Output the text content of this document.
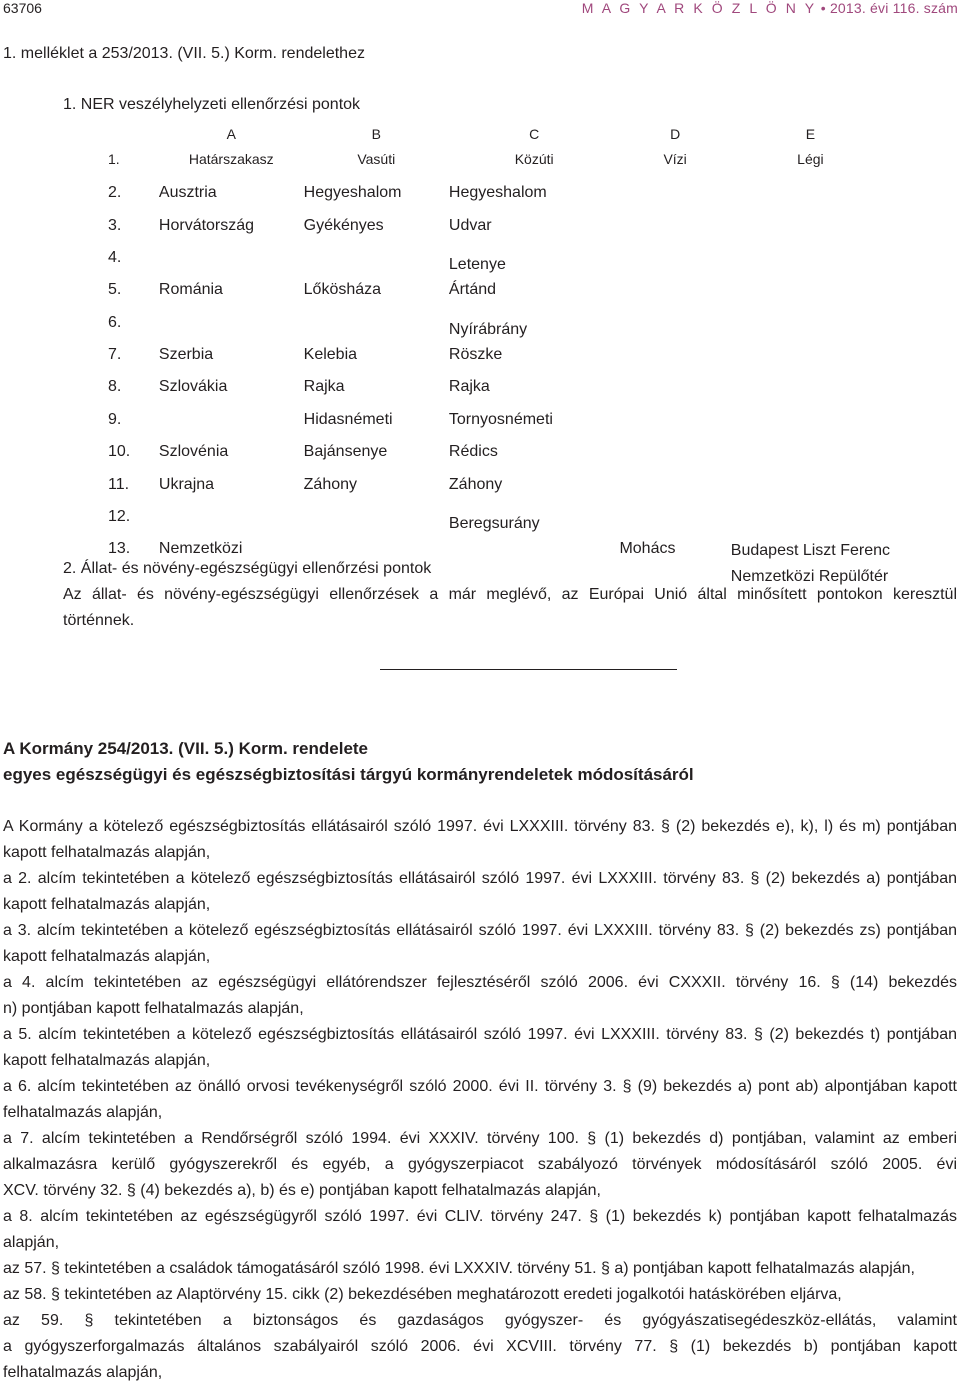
63706	M A G Y A R K Ö Z L Ö N Y • 2013. évi 116. szám
1. melléklet a 253/2013. (VII. 5.) Korm. rendelethez
1. NER veszélyhelyzeti ellenőrzési pontok
	A	B	C	D	E
1.	Határszakasz	Vasúti	Közúti	Vízi	Légi
2.	Ausztria	Hegyeshalom	Hegyeshalom		
3.	Horvátország	Gyékényes	Udvar		
4.			Letenye		
5.	Románia	Lőkösháza	Ártánd		
6.			Nyírábrány		
7.	Szerbia	Kelebia	Röszke		
8.	Szlovákia	Rajka	Rajka		
9.		Hidasnémeti	Tornyosnémeti		
10.	Szlovénia	Bajánsenye	Rédics		
11.	Ukrajna	Záhony	Záhony		
12.			Beregsurány		
13.	Nemzetközi			Mohács	Budapest Liszt Ferenc
Nemzetközi Repülőtér
2. Állat- és növény-egészségügyi ellenőrzési pontok
Az állat- és növény-egészségügyi ellenőrzések a már meglévő, az Európai Unió által minősített pontokon keresztül
történnek.
A Kormány 254/2013. (VII. 5.) Korm. rendelete
egyes egészségügyi és egészségbiztosítási tárgyú kormányrendeletek módosításáról
A Kormány a kötelező egészségbiztosítás ellátásairól szóló 1997. évi LXXXIII. törvény 83. § (2) bekezdés e), k), l) és m) pontjában
kapott felhatalmazás alapján,
a 2. alcím tekintetében a kötelező egészségbiztosítás ellátásairól szóló 1997. évi LXXXIII. törvény 83. § (2) bekezdés a) pontjában
kapott felhatalmazás alapján,
a 3. alcím tekintetében a kötelező egészségbiztosítás ellátásairól szóló 1997. évi LXXXIII. törvény 83. § (2) bekezdés zs) pontjában
kapott felhatalmazás alapján,
a 4. alcím tekintetében az egészségügyi ellátórendszer fejlesztéséről szóló 2006. évi CXXXII. törvény 16. § (14) bekezdés
n) pontjában kapott felhatalmazás alapján,
a 5. alcím tekintetében a kötelező egészségbiztosítás ellátásairól szóló 1997. évi LXXXIII. törvény 83. § (2) bekezdés t) pontjában
kapott felhatalmazás alapján,
a 6. alcím tekintetében az önálló orvosi tevékenységről szóló 2000. évi II. törvény 3. § (9) bekezdés a) pont ab) alpontjában kapott
felhatalmazás alapján,
a 7. alcím tekintetében a Rendőrségről szóló 1994. évi XXXIV. törvény 100. § (1) bekezdés d) pontjában, valamint az emberi
alkalmazásra kerülő gyógyszerekről és egyéb, a gyógyszerpiacot szabályozó törvények módosításáról szóló 2005. évi
XCV. törvény 32. § (4) bekezdés a), b) és e) pontjában kapott felhatalmazás alapján,
a 8. alcím tekintetében az egészségügyről szóló 1997. évi CLIV. törvény 247. § (1) bekezdés k) pontjában kapott felhatalmazás
alapján,
az 57. § tekintetében a családok támogatásáról szóló 1998. évi LXXXIV. törvény 51. § a) pontjában kapott felhatalmazás alapján,
az 58. § tekintetében az Alaptörvény 15. cikk (2) bekezdésében meghatározott eredeti jogalkotói hatáskörében eljárva,
az 59. § tekintetében a biztonságos és gazdaságos gyógyszer- és gyógyászatisegédeszköz-ellátás, valamint
a gyógyszerforgalmazás általános szabályairól szóló 2006. évi XCVIII. törvény 77. § (1) bekezdés b) pontjában kapott
felhatalmazás alapján,
